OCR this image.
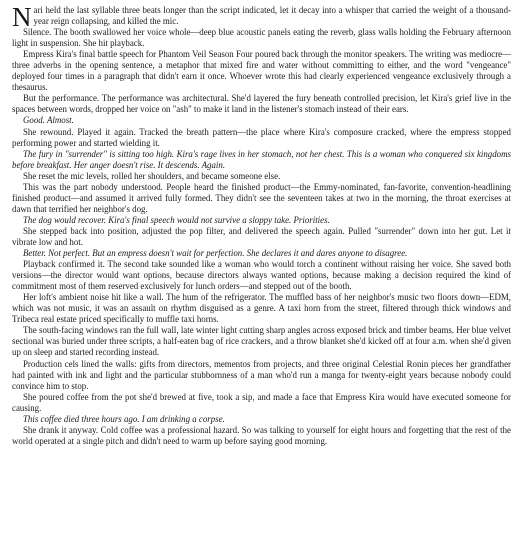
Nari held the last syllable three beats longer than the script indicated, let it decay into a whisper that carried the weight of a thousand-year reign collapsing, and killed the mic.

Silence. The booth swallowed her voice whole—deep blue acoustic panels eating the reverb, glass walls holding the February afternoon light in suspension. She hit playback.

Empress Kira's final battle speech for Phantom Veil Season Four poured back through the monitor speakers. The writing was mediocre—three adverbs in the opening sentence, a metaphor that mixed fire and water without committing to either, and the word "vengeance" deployed four times in a paragraph that didn't earn it once. Whoever wrote this had clearly experienced vengeance exclusively through a thesaurus.

But the performance. The performance was architectural. She'd layered the fury beneath controlled precision, let Kira's grief live in the spaces between words, dropped her voice on "ash" to make it land in the listener's stomach instead of their ears.

Good. Almost.

She rewound. Played it again. Tracked the breath pattern—the place where Kira's composure cracked, where the empress stopped performing power and started wielding it.

The fury in "surrender" is sitting too high. Kira's rage lives in her stomach, not her chest. This is a woman who conquered six kingdoms before breakfast. Her anger doesn't rise. It descends. Again.

She reset the mic levels, rolled her shoulders, and became someone else.

This was the part nobody understood. People heard the finished product—the Emmy-nominated, fan-favorite, convention-headlining finished product—and assumed it arrived fully formed. They didn't see the seventeen takes at two in the morning, the throat exercises at dawn that terrified her neighbor's dog.

The dog would recover. Kira's final speech would not survive a sloppy take. Priorities.

She stepped back into position, adjusted the pop filter, and delivered the speech again. Pulled "surrender" down into her gut. Let it vibrate low and hot.

Better. Not perfect. But an empress doesn't wait for perfection. She declares it and dares anyone to disagree.

Playback confirmed it. The second take sounded like a woman who would torch a continent without raising her voice. She saved both versions—the director would want options, because directors always wanted options, because making a decision required the kind of commitment most of them reserved exclusively for lunch orders—and stepped out of the booth.

Her loft's ambient noise hit like a wall. The hum of the refrigerator. The muffled bass of her neighbor's music two floors down—EDM, which was not music, it was an assault on rhythm disguised as a genre. A taxi horn from the street, filtered through thick windows and Tribeca real estate priced specifically to muffle taxi horns.

The south-facing windows ran the full wall, late winter light cutting sharp angles across exposed brick and timber beams. Her blue velvet sectional was buried under three scripts, a half-eaten bag of rice crackers, and a throw blanket she'd kicked off at four a.m. when she'd given up on sleep and started recording instead.

Production cels lined the walls: gifts from directors, mementos from projects, and three original Celestial Ronin pieces her grandfather had painted with ink and light and the particular stubbornness of a man who'd run a manga for twenty-eight years because nobody could convince him to stop.

She poured coffee from the pot she'd brewed at five, took a sip, and made a face that Empress Kira would have executed someone for causing.

This coffee died three hours ago. I am drinking a corpse.

She drank it anyway. Cold coffee was a professional hazard. So was talking to yourself for eight hours and forgetting that the rest of the world operated at a single pitch and didn't need to warm up before saying good morning.
